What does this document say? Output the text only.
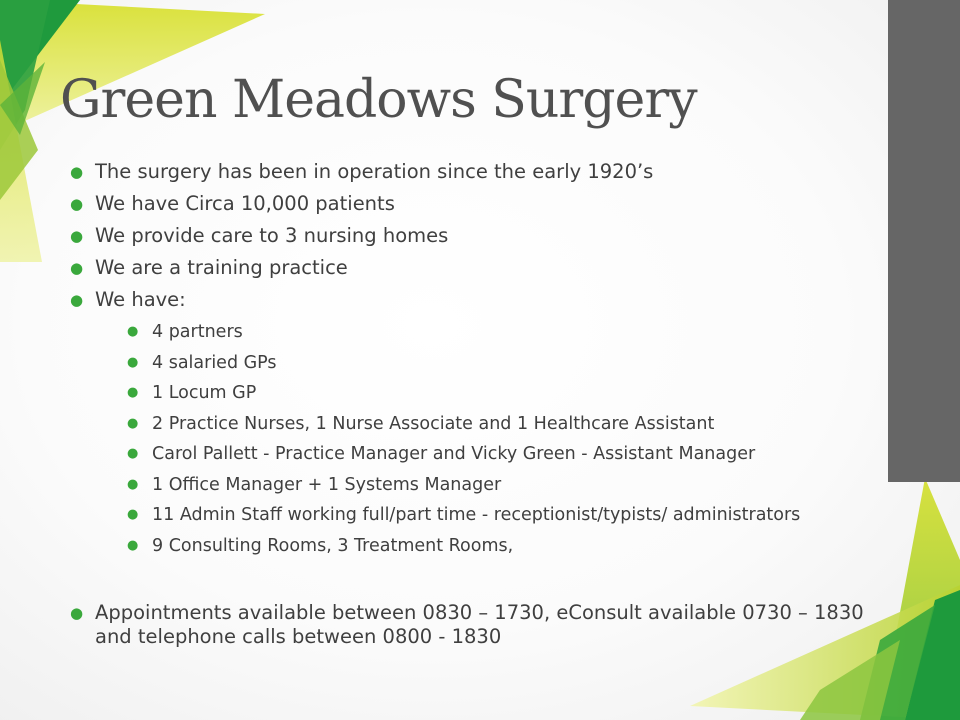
Green Meadows Surgery
● The surgery has been in operation since the early 1920’s
● We have Circa 10,000 patients
● We provide care to 3 nursing homes
● We are a training practice
● We have:
● 4 partners
● 4 salaried GPs
● 1 Locum GP
● 2 Practice Nurses, 1 Nurse Associate and 1 Healthcare Assistant
● Carol Pallett - Practice Manager and Vicky Green - Assistant Manager
● 1 Office Manager + 1 Systems Manager
● 11 Admin Staff working full/part time - receptionist/typists/ administrators
● 9 Consulting Rooms, 3 Treatment Rooms,
● Appointments available between 0830 – 1730, eConsult available 0730 – 1830 and telephone calls between 0800 - 1830
